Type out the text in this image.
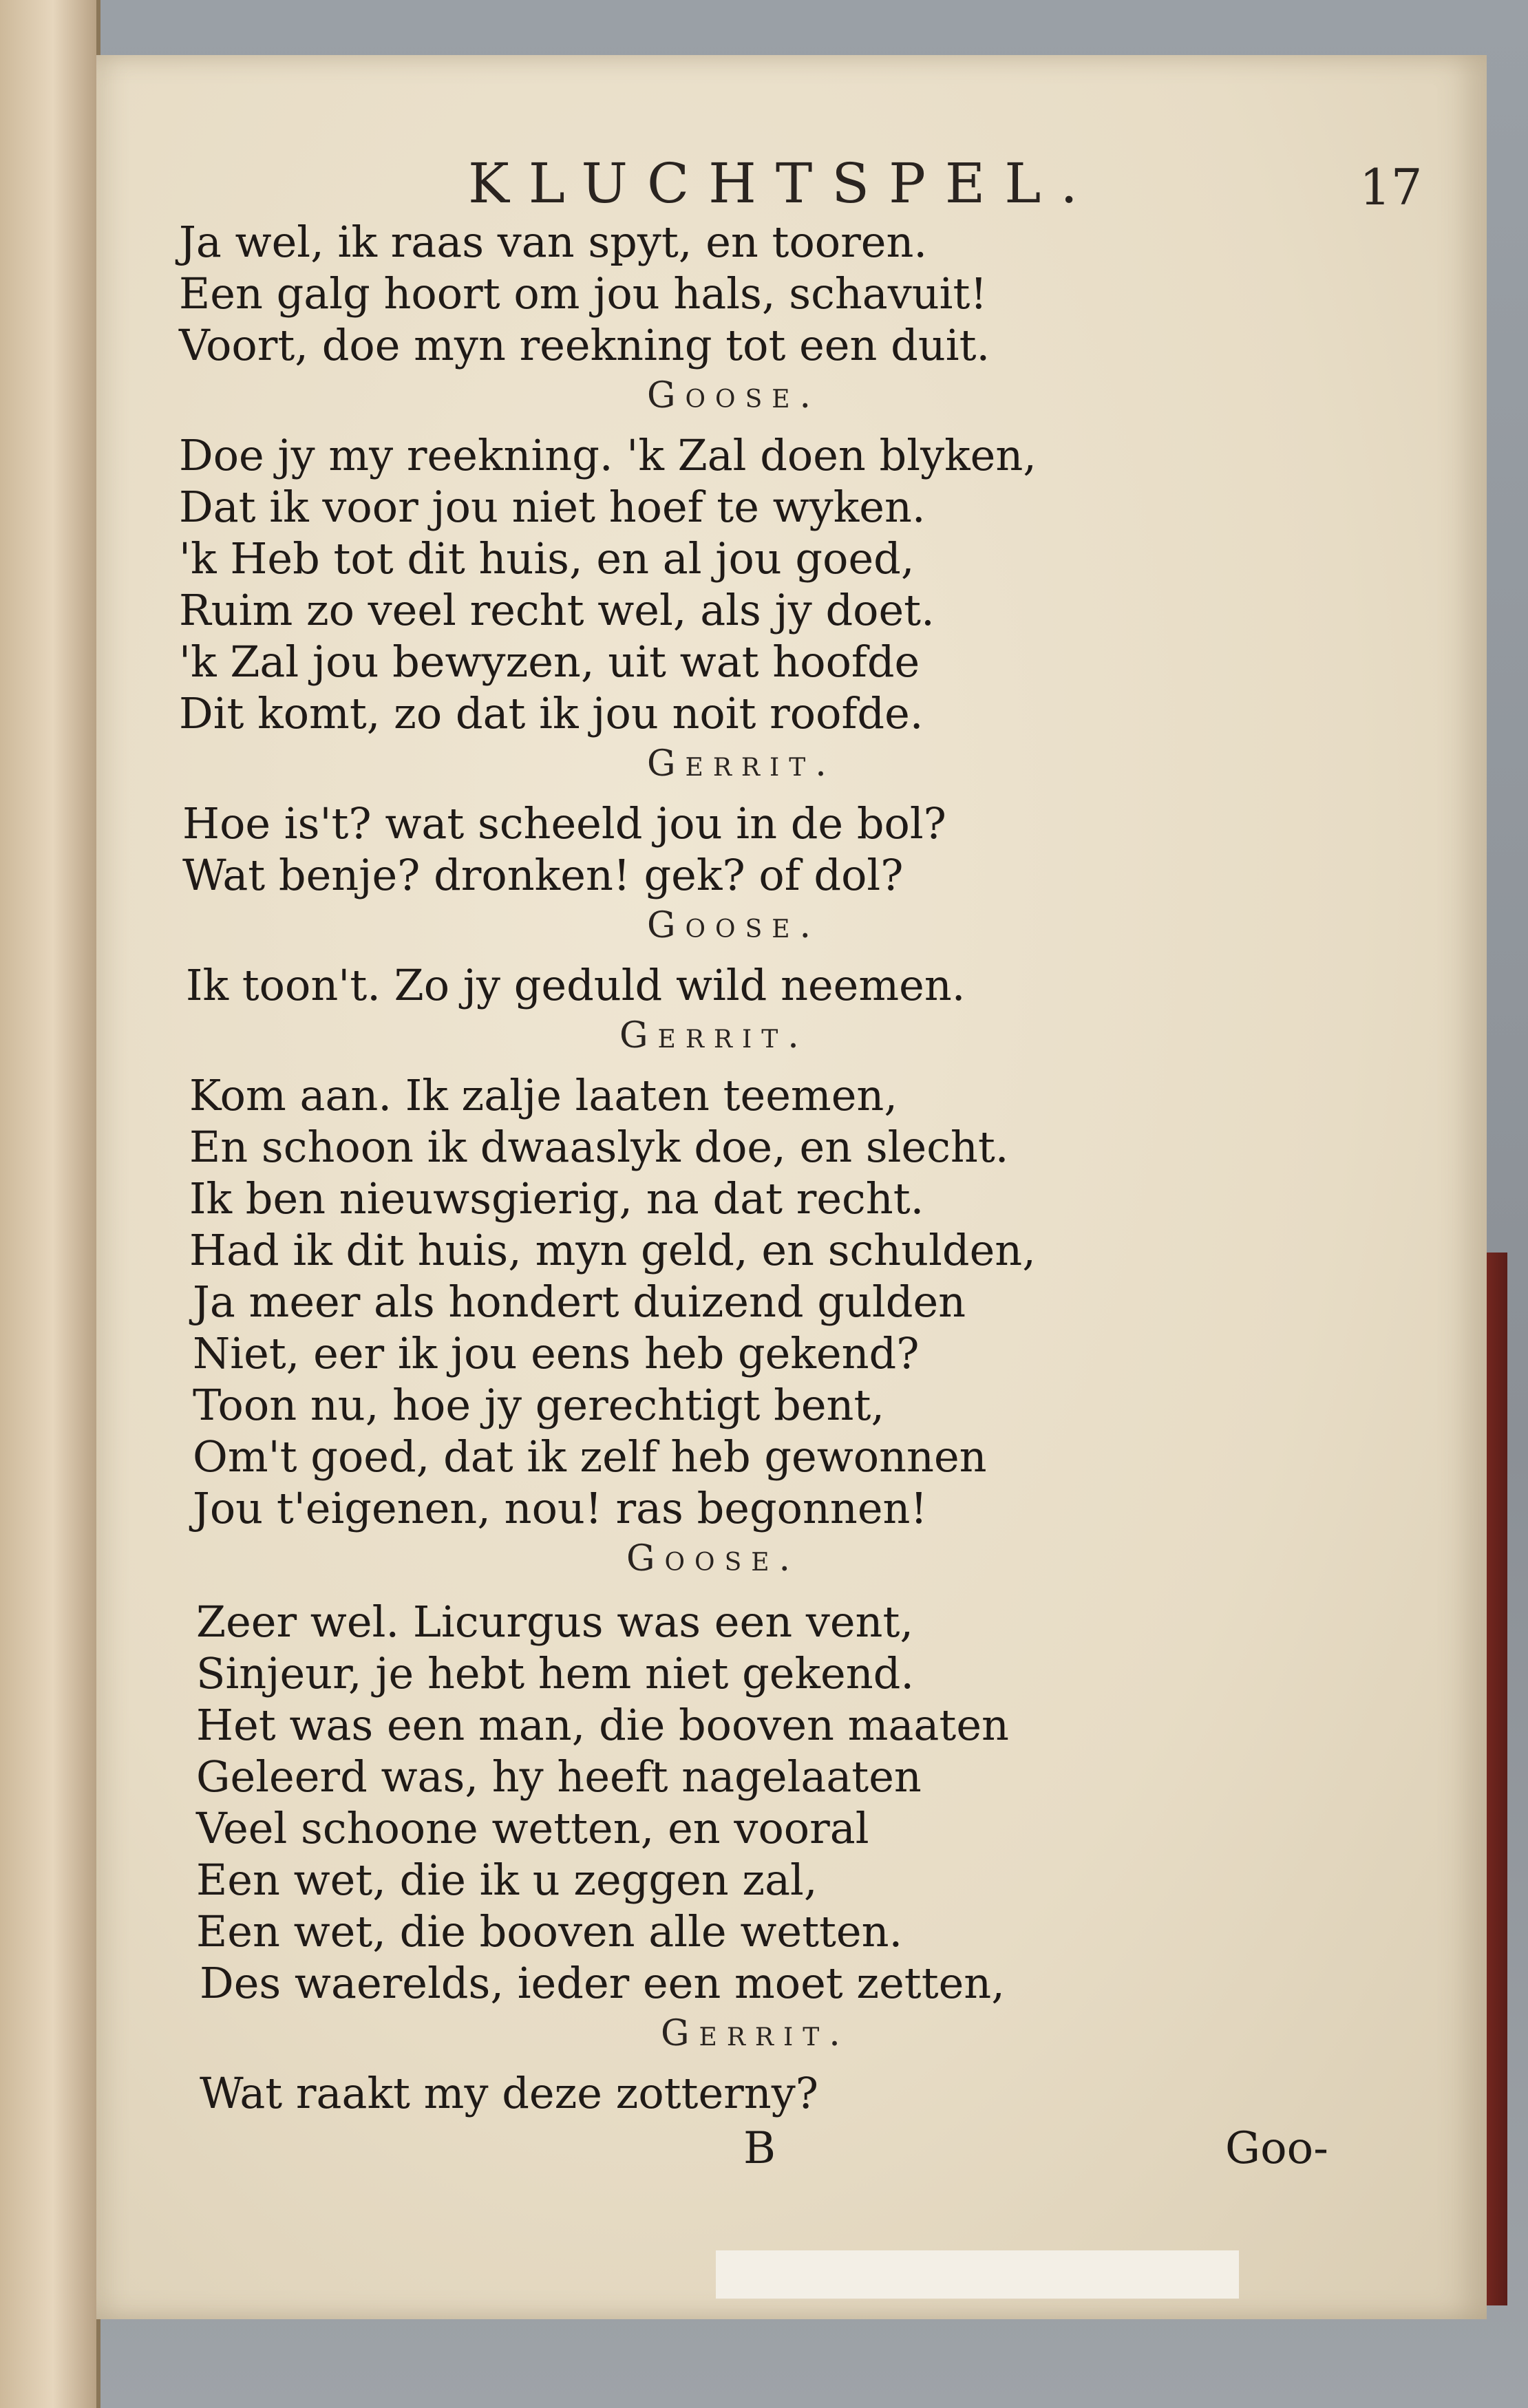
KLUCHTSPEL.	17
Ja wel, ik raas van spyt, en tooren.
Een galg hoort om jou hals, schavuit!
Voort, doe myn reekning tot een duit.
Goose.
Doe jy my reekning. 'k Zal doen blyken,
Dat ik voor jou niet hoef te wyken.
'k Heb tot dit huis, en al jou goed,
Ruim zo veel recht wel, als jy doet.
'k Zal jou bewyzen, uit wat hoofde
Dit komt, zo dat ik jou noit roofde.
Gerrit.
Hoe is't? wat scheeld jou in de bol?
Wat benje? dronken! gek? of dol?
Goose.
Ik toon't. Zo jy geduld wild neemen.
Gerrit.
Kom aan. Ik zalje laaten teemen,
En schoon ik dwaaslyk doe, en slecht.
Ik ben nieuwsgierig, na dat recht.
Had ik dit huis, myn geld, en schulden,
Ja meer als hondert duizend gulden
Niet, eer ik jou eens heb gekend?
Toon nu, hoe jy gerechtigt bent,
Om't goed, dat ik zelf heb gewonnen
Jou t'eigenen, nou! ras begonnen!
Goose.
Zeer wel. Licurgus was een vent,
Sinjeur, je hebt hem niet gekend.
Het was een man, die booven maaten
Geleerd was, hy heeft nagelaaten
Veel schoone wetten, en vooral
Een wet, die ik u zeggen zal,
Een wet, die booven alle wetten.
Des waerelds, ieder een moet zetten,
Gerrit.
Wat raakt my deze zotterny?
B	Goo-
